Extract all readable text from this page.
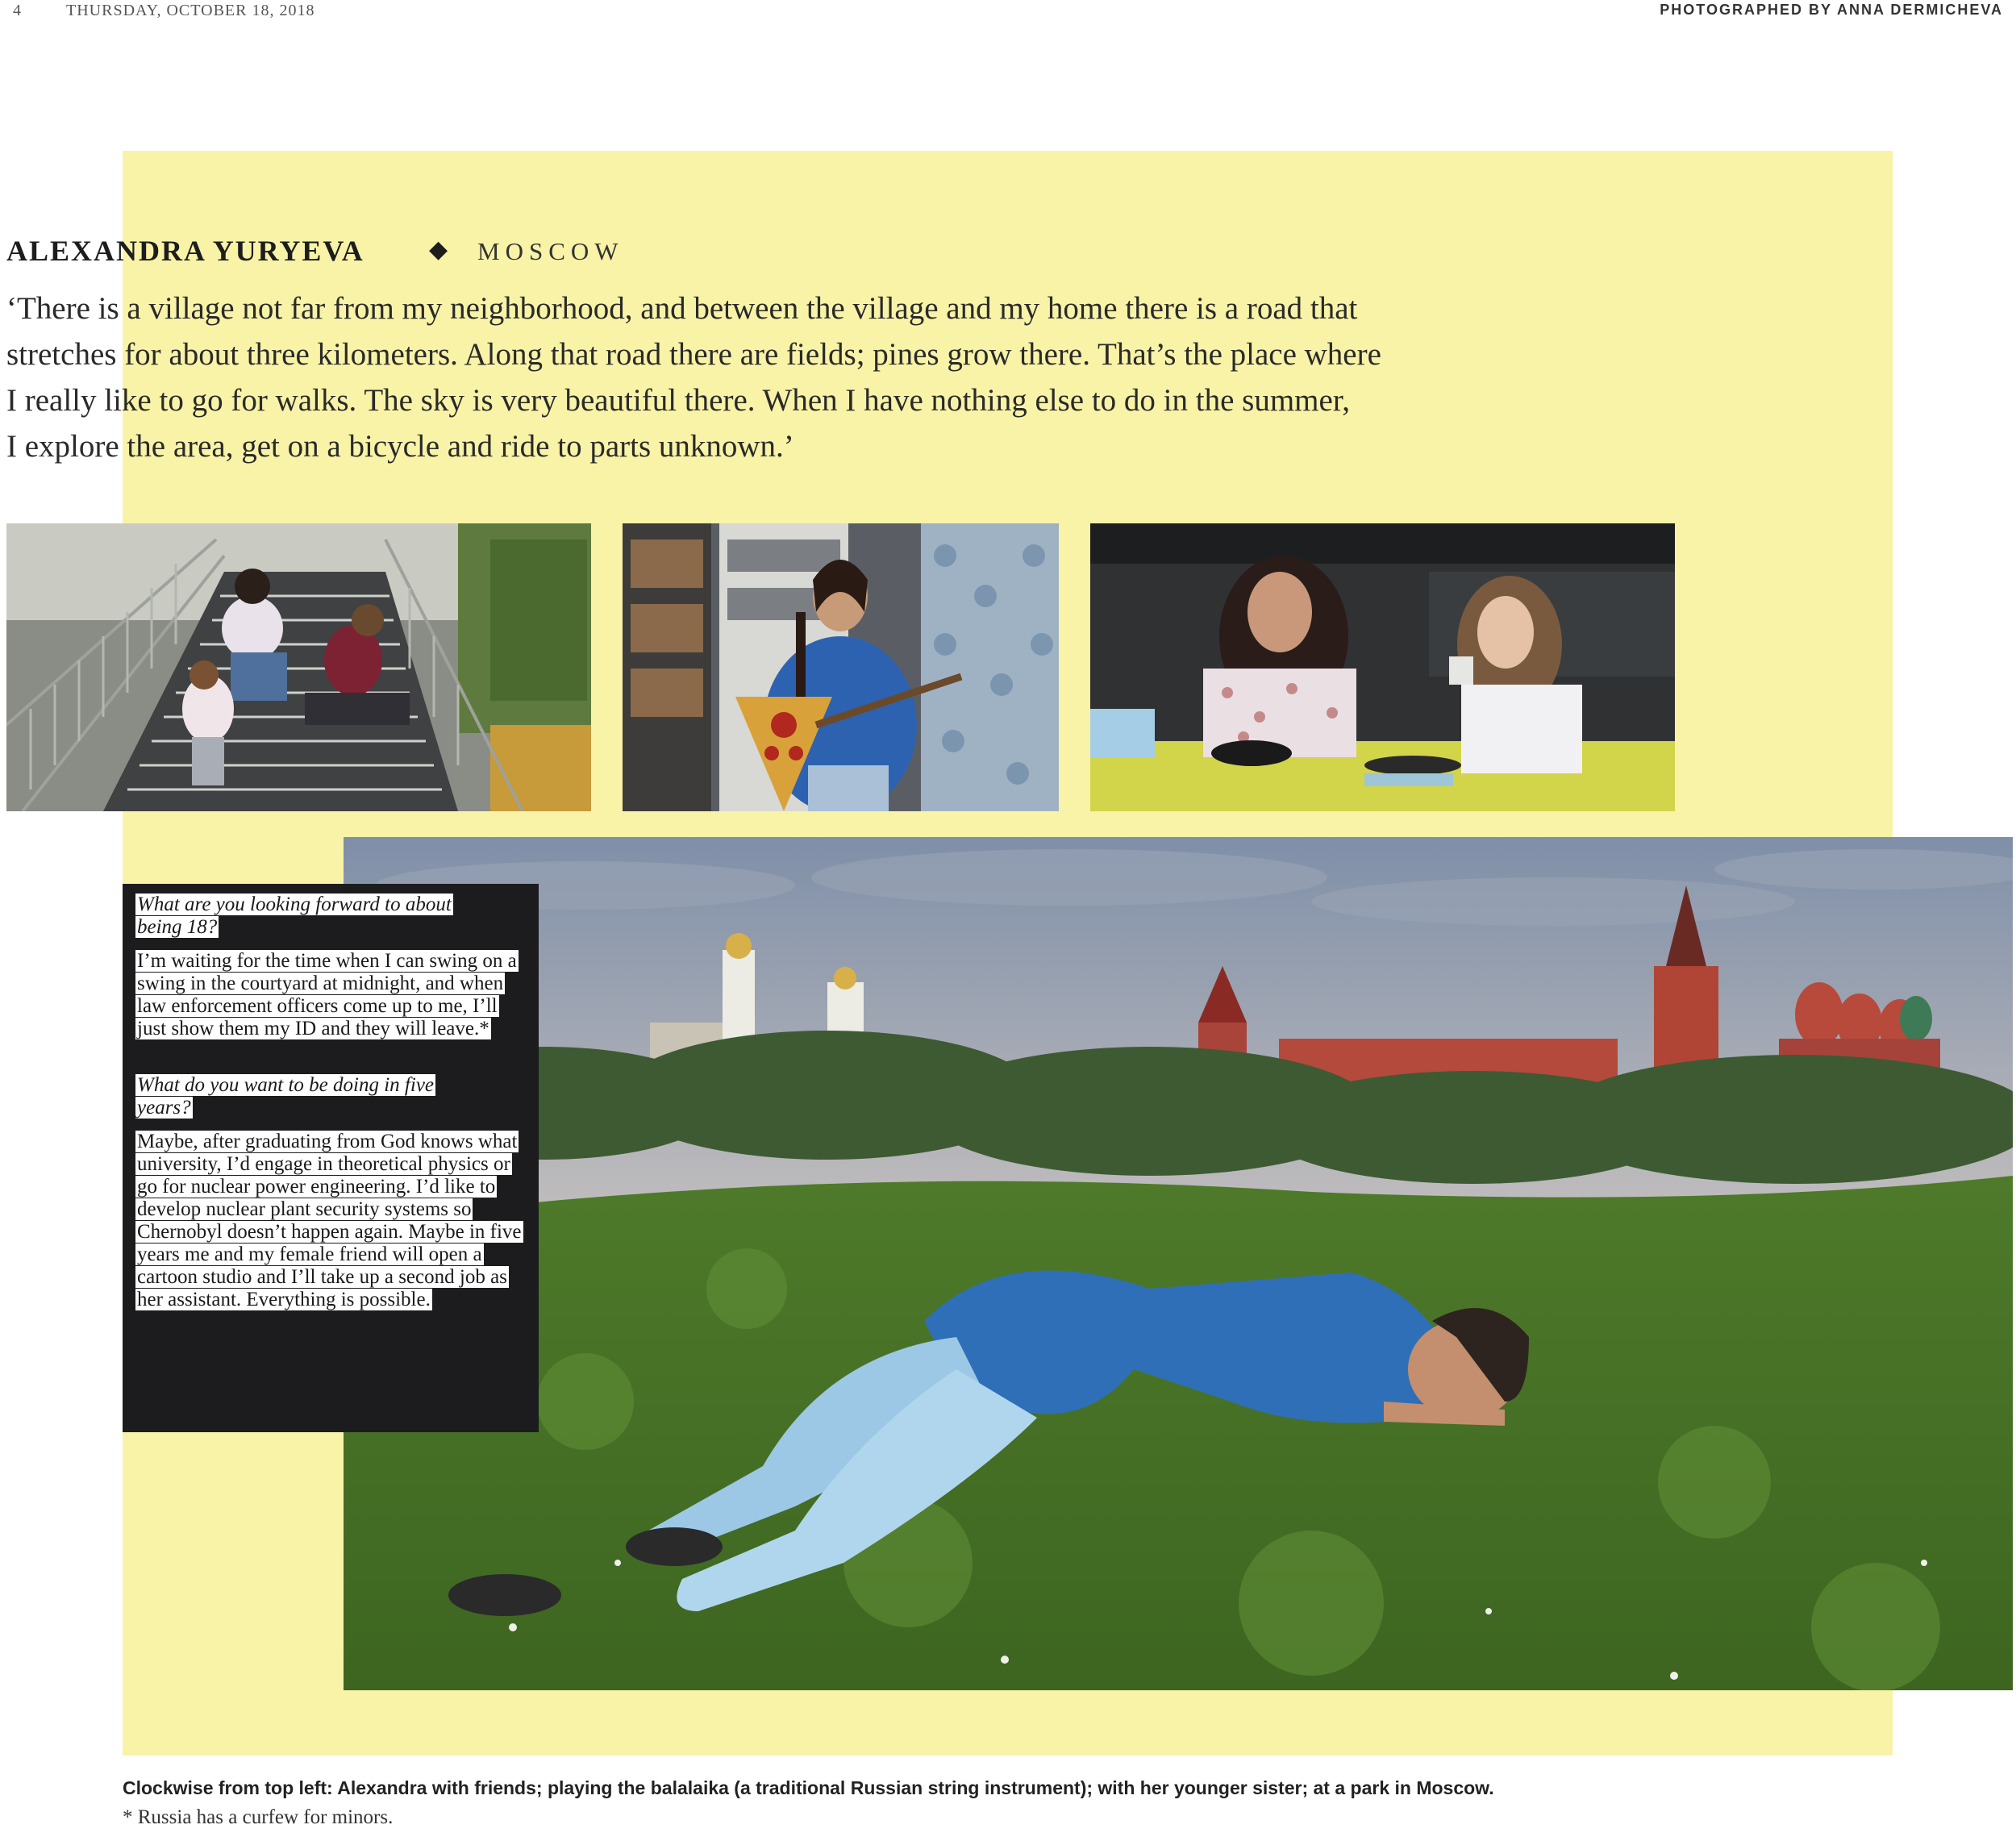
4	THURSDAY, OCTOBER 18, 2018	PHOTOGRAPHED BY ANNA DERMICHEVA
ALEXANDRA YURYEVA	◆ MOSCOW
‘There is a village not far from my neighborhood, and between the village and my home there is a road that
stretches for about three kilometers. Along that road there are fields; pines grow there. That’s the place where
I really like to go for walks. The sky is very beautiful there. When I have nothing else to do in the summer,
I explore the area, get on a bicycle and ride to parts unknown.’

What are you looking forward to about being 18?

I’m waiting for the time when I can swing on a swing in the courtyard at midnight, and when law enforcement officers come up to me, I’ll just show them my ID and they will leave.*

What do you want to be doing in five years?

Maybe, after graduating from God knows what university, I’d engage in theoretical physics or go for nuclear power engineering. I’d like to develop nuclear plant security systems so Chernobyl doesn’t happen again. Maybe in five years me and my female friend will open a cartoon studio and I’ll take up a second job as her assistant. Everything is possible.

Clockwise from top left: Alexandra with friends; playing the balalaika (a traditional Russian string instrument); with her younger sister; at a park in Moscow.
* Russia has a curfew for minors.
